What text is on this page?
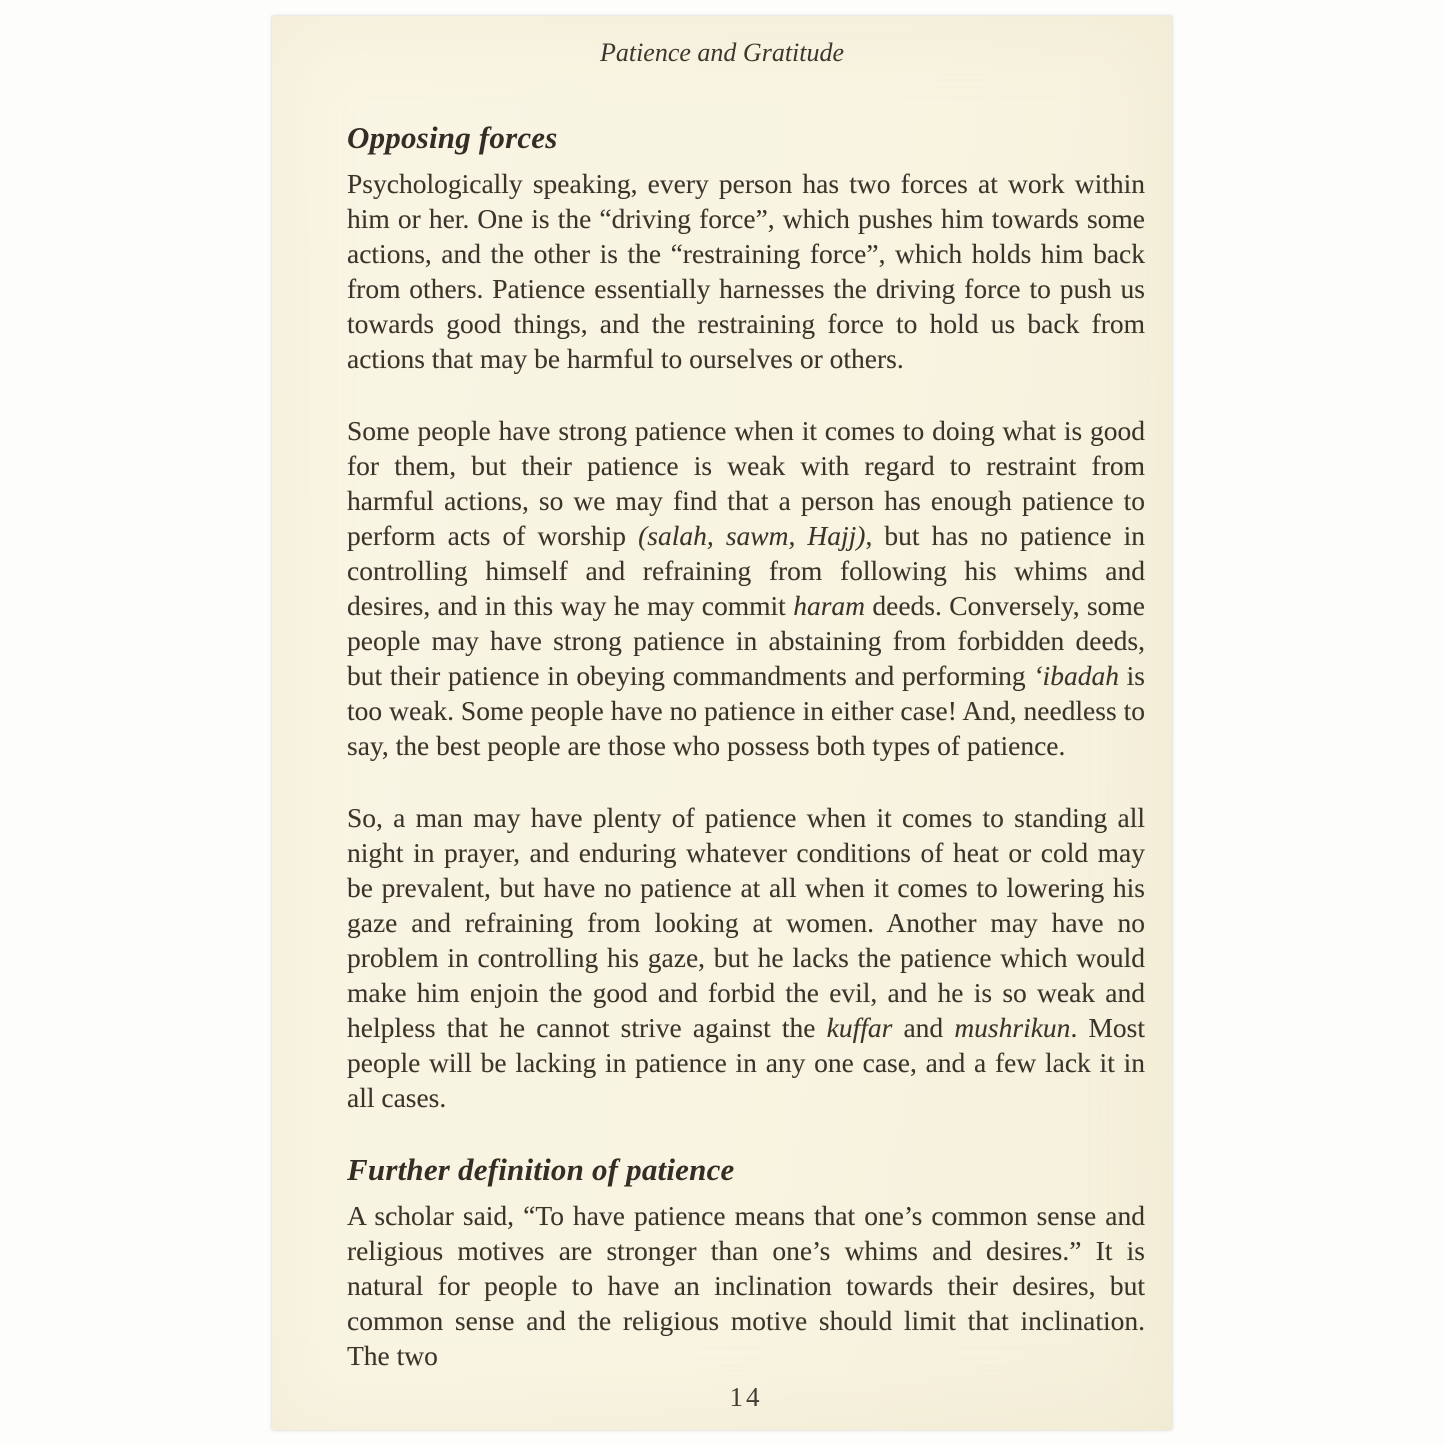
Patience and Gratitude
Opposing forces

Psychologically speaking, every person has two forces at work within him or her. One is the “driving force”, which pushes him towards some actions, and the other is the “restraining force”, which holds him back from others. Patience essentially harnesses the driving force to push us towards good things, and the restraining force to hold us back from actions that may be harmful to ourselves or others.

Some people have strong patience when it comes to doing what is good for them, but their patience is weak with regard to restraint from harmful actions, so we may find that a person has enough patience to perform acts of worship (salah, sawm, Hajj), but has no patience in controlling himself and refraining from following his whims and desires, and in this way he may commit haram deeds. Conversely, some people may have strong patience in abstaining from forbidden deeds, but their patience in obeying commandments and performing ‘ibadah is too weak. Some people have no patience in either case! And, needless to say, the best people are those who possess both types of patience.

So, a man may have plenty of patience when it comes to standing all night in prayer, and enduring whatever conditions of heat or cold may be prevalent, but have no patience at all when it comes to lowering his gaze and refraining from looking at women. Another may have no problem in controlling his gaze, but he lacks the patience which would make him enjoin the good and forbid the evil, and he is so weak and helpless that he cannot strive against the kuffar and mushrikun. Most people will be lacking in patience in any one case, and a few lack it in all cases.

Further definition of patience

A scholar said, “To have patience means that one’s common sense and religious motives are stronger than one’s whims and desires.” It is natural for people to have an inclination towards their desires, but common sense and the religious motive should limit that inclination. The two

14
